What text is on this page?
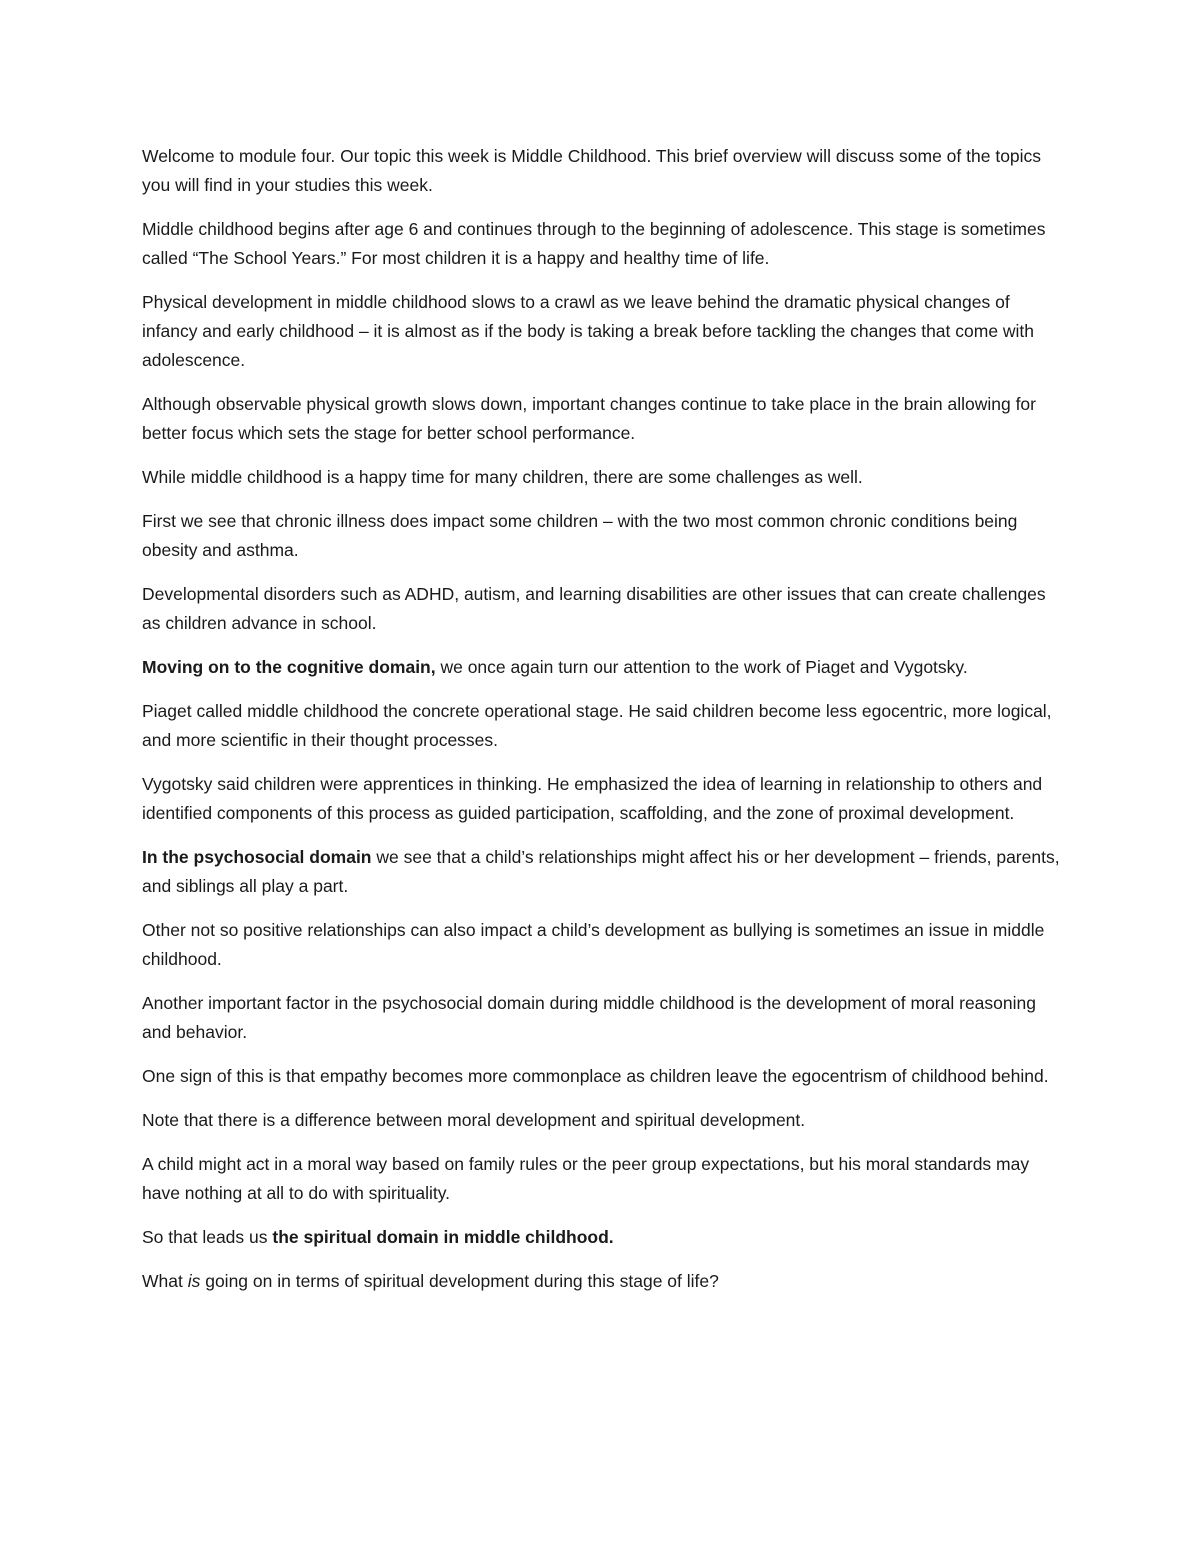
Welcome to module four. Our topic this week is Middle Childhood. This brief overview will discuss some of the topics you will find in your studies this week.

Middle childhood begins after age 6 and continues through to the beginning of adolescence. This stage is sometimes called “The School Years.” For most children it is a happy and healthy time of life.

Physical development in middle childhood slows to a crawl as we leave behind the dramatic physical changes of infancy and early childhood – it is almost as if the body is taking a break before tackling the changes that come with adolescence.

Although observable physical growth slows down, important changes continue to take place in the brain allowing for better focus which sets the stage for better school performance.

While middle childhood is a happy time for many children, there are some challenges as well.

First we see that chronic illness does impact some children – with the two most common chronic conditions being obesity and asthma.

Developmental disorders such as ADHD, autism, and learning disabilities are other issues that can create challenges as children advance in school.

Moving on to the cognitive domain, we once again turn our attention to the work of Piaget and Vygotsky.

Piaget called middle childhood the concrete operational stage. He said children become less egocentric, more logical, and more scientific in their thought processes.

Vygotsky said children were apprentices in thinking. He emphasized the idea of learning in relationship to others and identified components of this process as guided participation, scaffolding, and the zone of proximal development.

In the psychosocial domain we see that a child’s relationships might affect his or her development – friends, parents, and siblings all play a part.

Other not so positive relationships can also impact a child’s development as bullying is sometimes an issue in middle childhood.

Another important factor in the psychosocial domain during middle childhood is the development of moral reasoning and behavior.

One sign of this is that empathy becomes more commonplace as children leave the egocentrism of childhood behind.

Note that there is a difference between moral development and spiritual development.

A child might act in a moral way based on family rules or the peer group expectations, but his moral standards may have nothing at all to do with spirituality.

So that leads us the spiritual domain in middle childhood.

What is going on in terms of spiritual development during this stage of life?
